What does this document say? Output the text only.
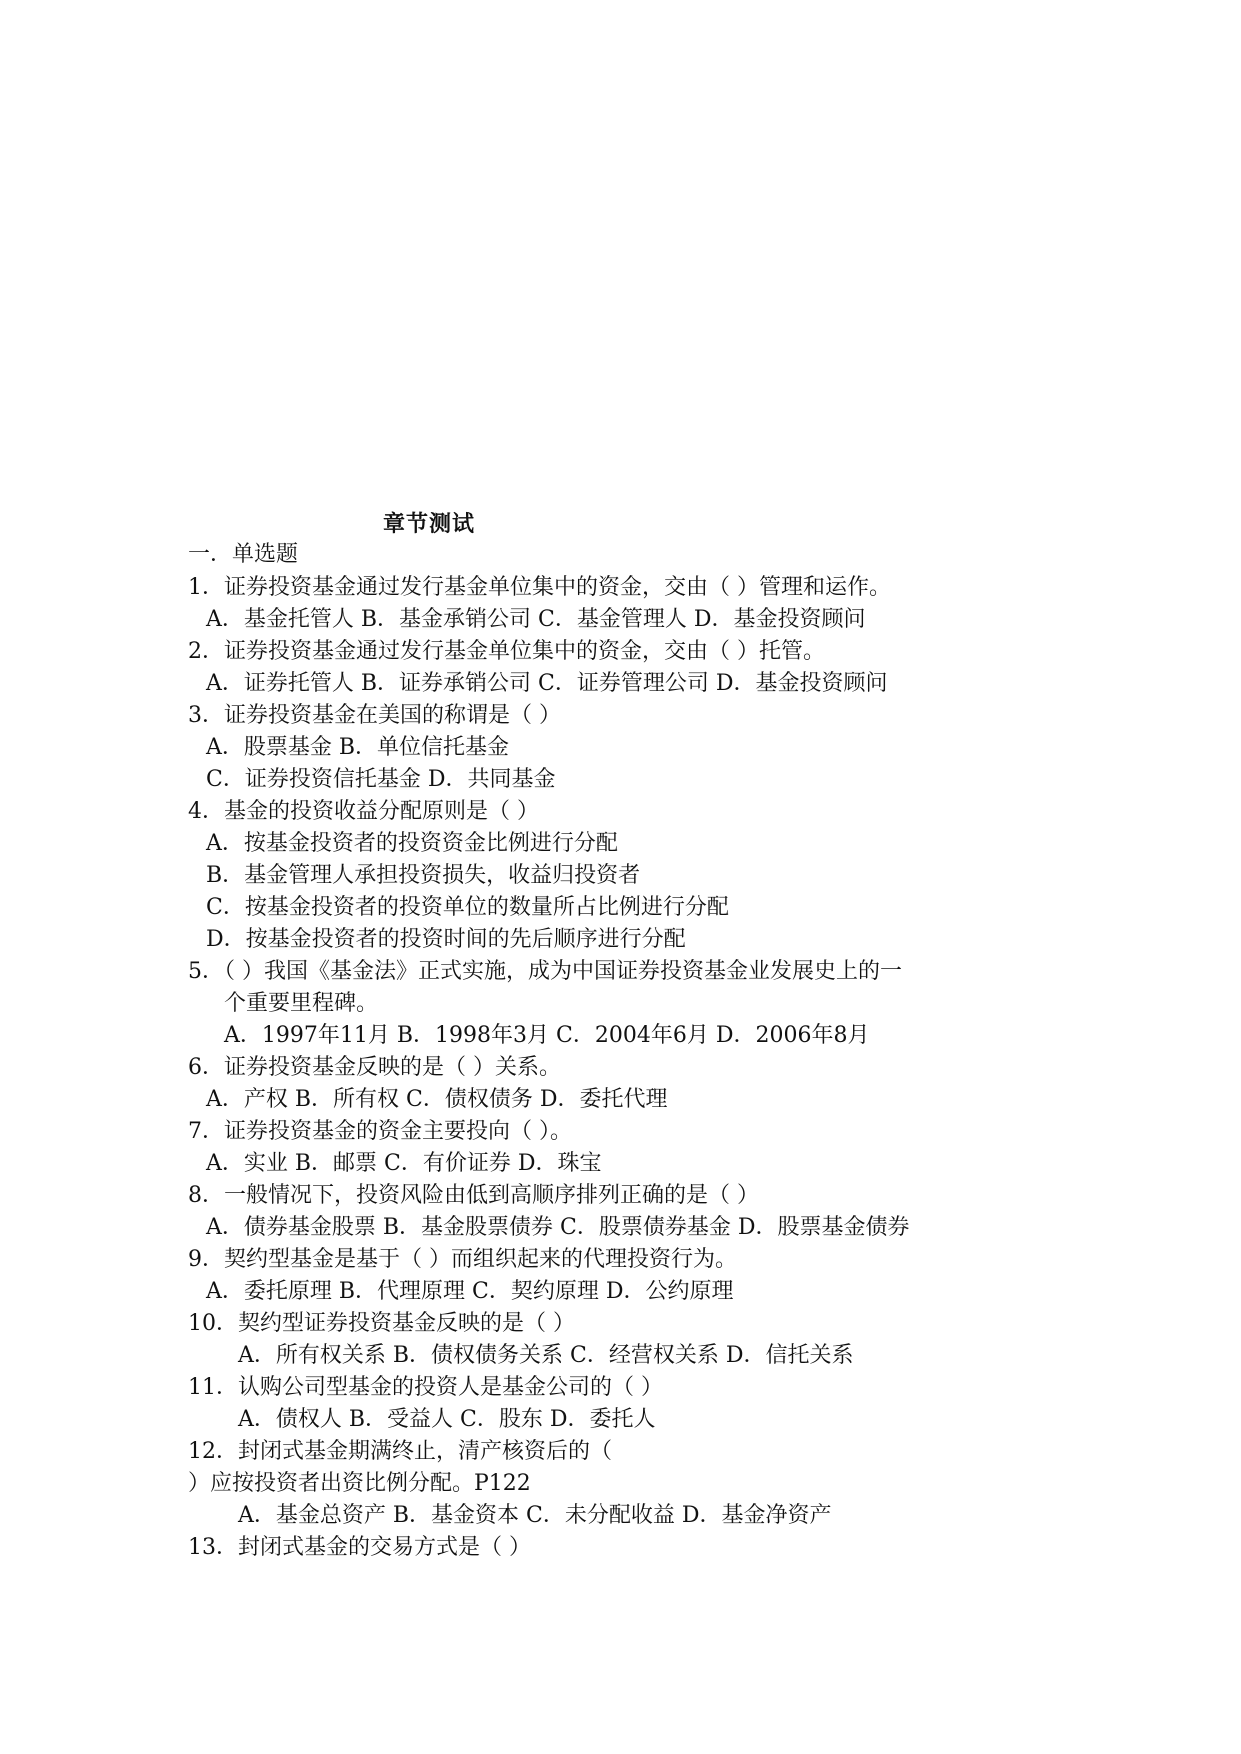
章节测试
一．单选题
1．证券投资基金通过发行基金单位集中的资金，交由（ ）管理和运作。
A．基金托管人 B．基金承销公司 C．基金管理人 D．基金投资顾问
2．证券投资基金通过发行基金单位集中的资金，交由（ ）托管。
A．证券托管人 B．证券承销公司 C．证券管理公司 D．基金投资顾问
3．证券投资基金在美国的称谓是（ ）
A．股票基金 B．单位信托基金
C．证券投资信托基金 D．共同基金
4．基金的投资收益分配原则是（ ）
A．按基金投资者的投资资金比例进行分配
B．基金管理人承担投资损失，收益归投资者
C．按基金投资者的投资单位的数量所占比例进行分配
D．按基金投资者的投资时间的先后顺序进行分配
5．（ ）我国《基金法》正式实施，成为中国证券投资基金业发展史上的一
个重要里程碑。
A．1997年11月 B．1998年3月 C．2004年6月 D．2006年8月
6．证券投资基金反映的是（ ）关系。
A．产权 B．所有权 C．债权债务 D．委托代理
7．证券投资基金的资金主要投向（ ）。
A．实业 B．邮票 C．有价证券 D．珠宝
8．一般情况下，投资风险由低到高顺序排列正确的是（ ）
A．债券基金股票 B．基金股票债券 C．股票债券基金 D．股票基金债券
9．契约型基金是基于（ ）而组织起来的代理投资行为。
A．委托原理 B．代理原理 C．契约原理 D．公约原理
10．契约型证券投资基金反映的是（ ）
A．所有权关系 B．债权债务关系 C．经营权关系 D．信托关系
11．认购公司型基金的投资人是基金公司的（ ）
A．债权人 B．受益人 C．股东 D．委托人
12．封闭式基金期满终止，清产核资后的（
）应按投资者出资比例分配。P122
A．基金总资产 B．基金资本 C．未分配收益 D．基金净资产
13．封闭式基金的交易方式是（ ）
